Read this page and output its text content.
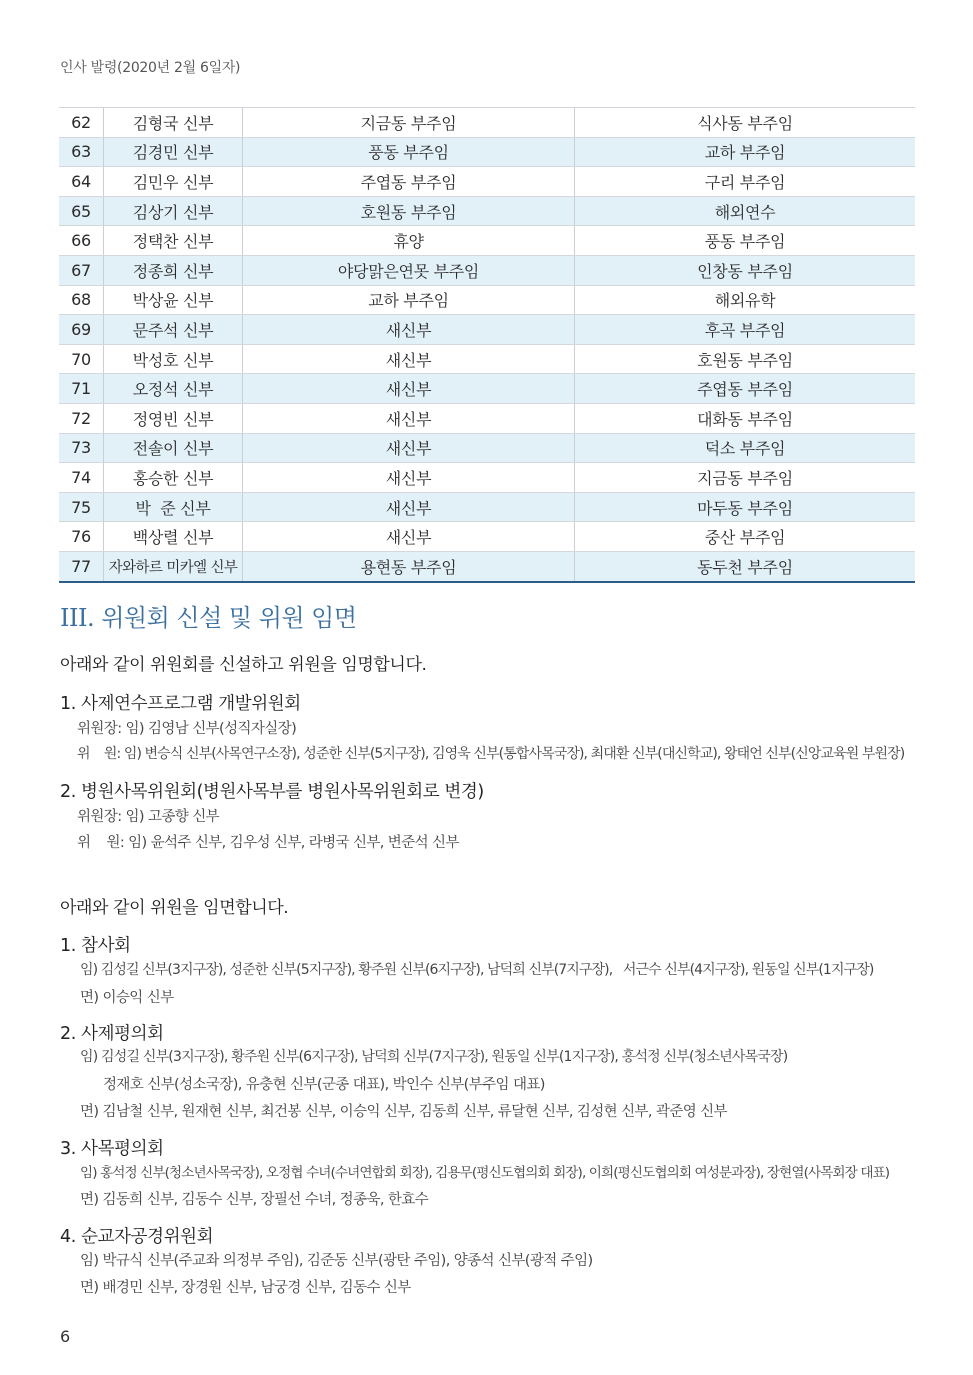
인사 발령(2020년 2월 6일자)
62	김형국 신부	지금동 부주임	식사동 부주임
63	김경민 신부	풍동 부주임	교하 부주임
64	김민우 신부	주엽동 부주임	구리 부주임
65	김상기 신부	호원동 부주임	해외연수
66	정택찬 신부	휴양	풍동 부주임
67	정종희 신부	야당맑은연못 부주임	인창동 부주임
68	박상윤 신부	교하 부주임	해외유학
69	문주석 신부	새신부	후곡 부주임
70	박성호 신부	새신부	호원동 부주임
71	오정석 신부	새신부	주엽동 부주임
72	정영빈 신부	새신부	대화동 부주임
73	전솔이 신부	새신부	덕소 부주임
74	홍승한 신부	새신부	지금동 부주임
75	박  준 신부	새신부	마두동 부주임
76	백상렬 신부	새신부	중산 부주임
77	자와하르 미카엘 신부	용현동 부주임	동두천 부주임
III. 위원회 신설 및 위원 임면
아래와 같이 위원회를 신설하고 위원을 임명합니다.
1. 사제연수프로그램 개발위원회
위원장: 임) 김영남 신부(성직자실장)
위    원: 임) 변승식 신부(사목연구소장), 성준한 신부(5지구장), 김영욱 신부(통합사목국장), 최대환 신부(대신학교), 왕태언 신부(신앙교육원 부원장)
2. 병원사목위원회(병원사목부를 병원사목위원회로 변경)
위원장: 임) 고종향 신부
위    원: 임) 윤석주 신부, 김우성 신부, 라병국 신부, 변준석 신부
아래와 같이 위원을 임면합니다.
1. 참사회
임) 김성길 신부(3지구장), 성준한 신부(5지구장), 황주원 신부(6지구장), 남덕희 신부(7지구장),   서근수 신부(4지구장), 원동일 신부(1지구장)
면) 이승익 신부
2. 사제평의회
임) 김성길 신부(3지구장), 황주원 신부(6지구장), 남덕희 신부(7지구장), 원동일 신부(1지구장), 홍석정 신부(청소년사목국장)
정재호 신부(성소국장), 유충현 신부(군종 대표), 박인수 신부(부주임 대표)
면) 김남철 신부, 원재현 신부, 최건봉 신부, 이승익 신부, 김동희 신부, 류달현 신부, 김성현 신부, 곽준영 신부
3. 사목평의회
임) 홍석정 신부(청소년사목국장), 오정협 수녀(수녀연합회 회장), 김용무(평신도협의회 회장), 이희(평신도협의회 여성분과장), 장현열(사목회장 대표)
면) 김동희 신부, 김동수 신부, 장필선 수녀, 정종욱, 한효수
4. 순교자공경위원회
임) 박규식 신부(주교좌 의정부 주임), 김준동 신부(광탄 주임), 양종석 신부(광적 주임)
면) 배경민 신부, 장경원 신부, 남궁경 신부, 김동수 신부
6
